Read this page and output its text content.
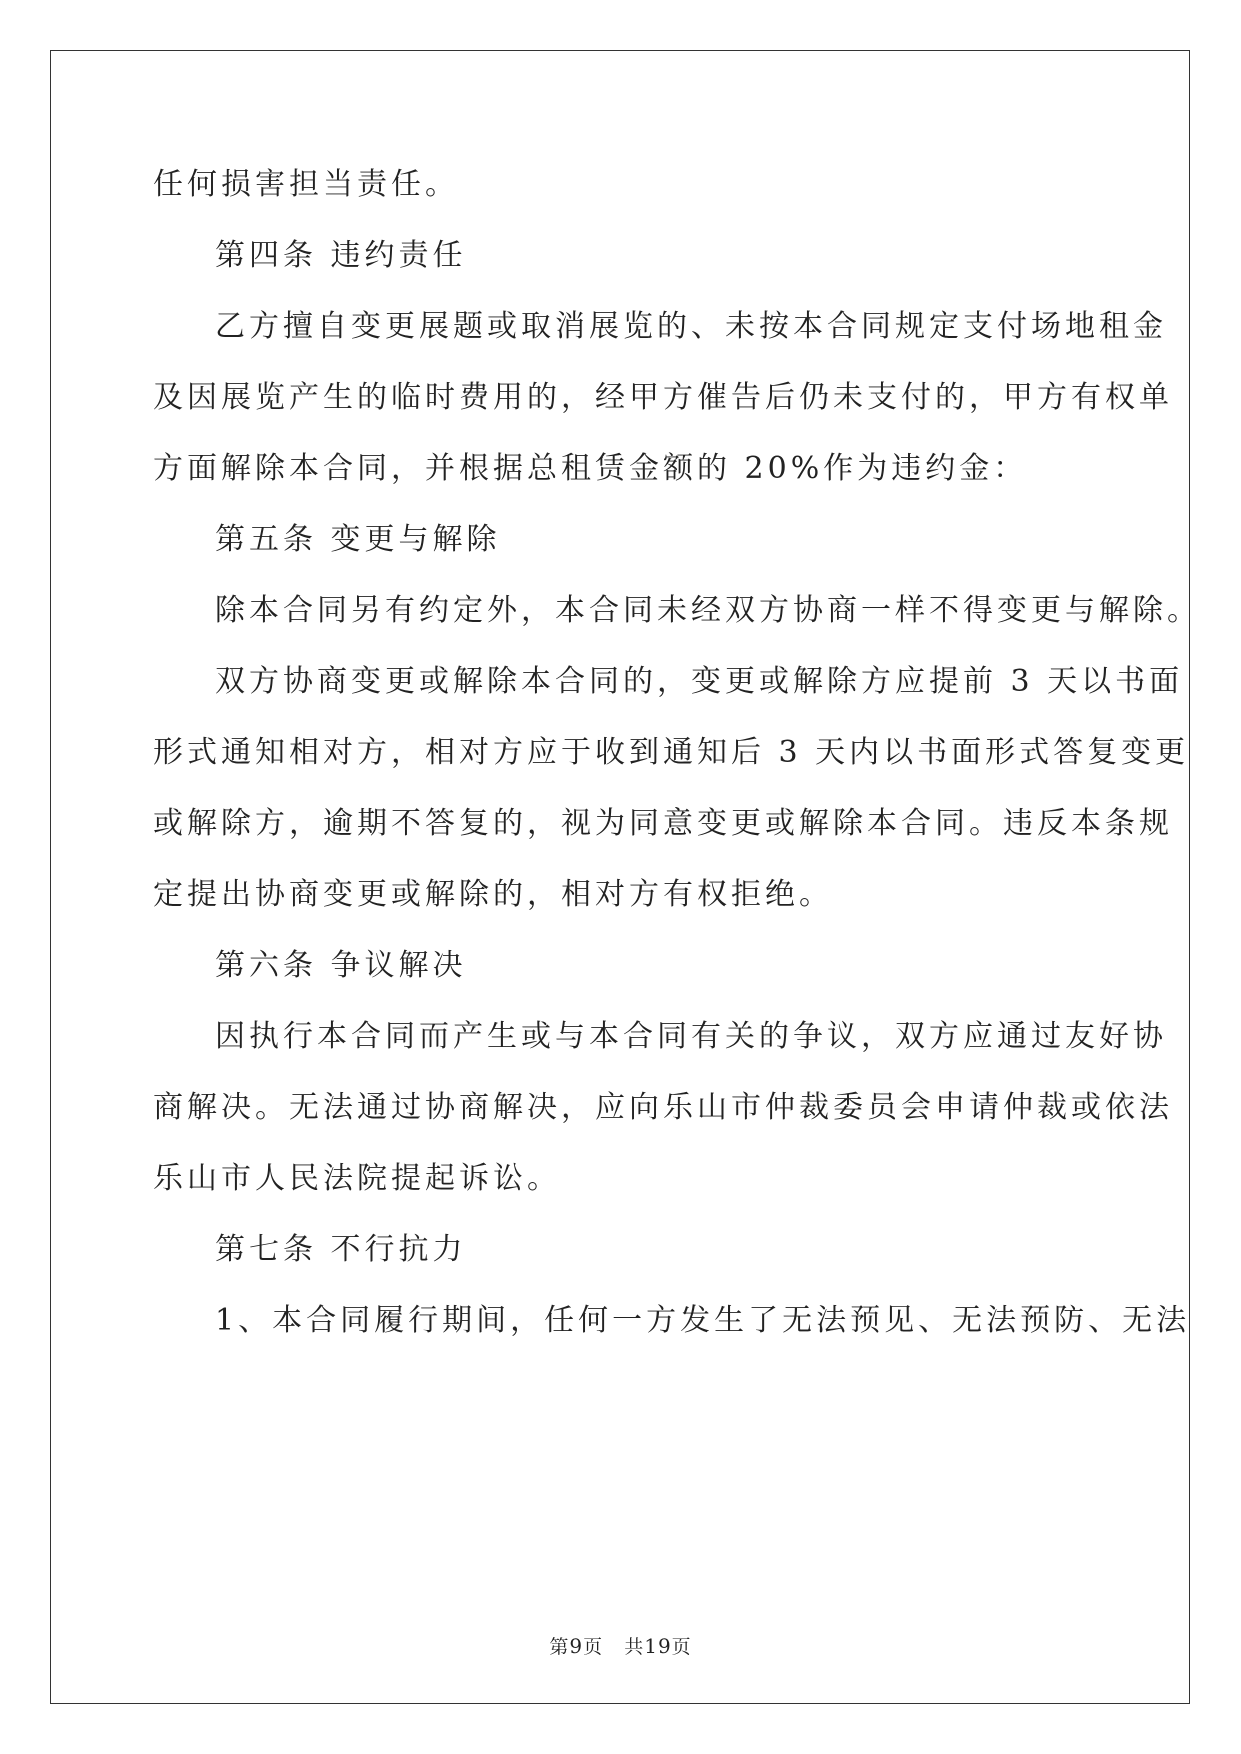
任何损害担当责任。

第四条 违约责任

乙方擅自变更展题或取消展览的、未按本合同规定支付场地租金

及因展览产生的临时费用的，经甲方催告后仍未支付的，甲方有权单

方面解除本合同，并根据总租赁金额的 20%作为违约金：

第五条 变更与解除

除本合同另有约定外，本合同未经双方协商一样不得变更与解除。

双方协商变更或解除本合同的，变更或解除方应提前 3 天以书面

形式通知相对方，相对方应于收到通知后 3 天内以书面形式答复变更

或解除方，逾期不答复的，视为同意变更或解除本合同。违反本条规

定提出协商变更或解除的，相对方有权拒绝。

第六条 争议解决

因执行本合同而产生或与本合同有关的争议，双方应通过友好协

商解决。无法通过协商解决，应向乐山市仲裁委员会申请仲裁或依法

乐山市人民法院提起诉讼。

第七条 不行抗力

1、本合同履行期间，任何一方发生了无法预见、无法预防、无法

第9页 共19页
